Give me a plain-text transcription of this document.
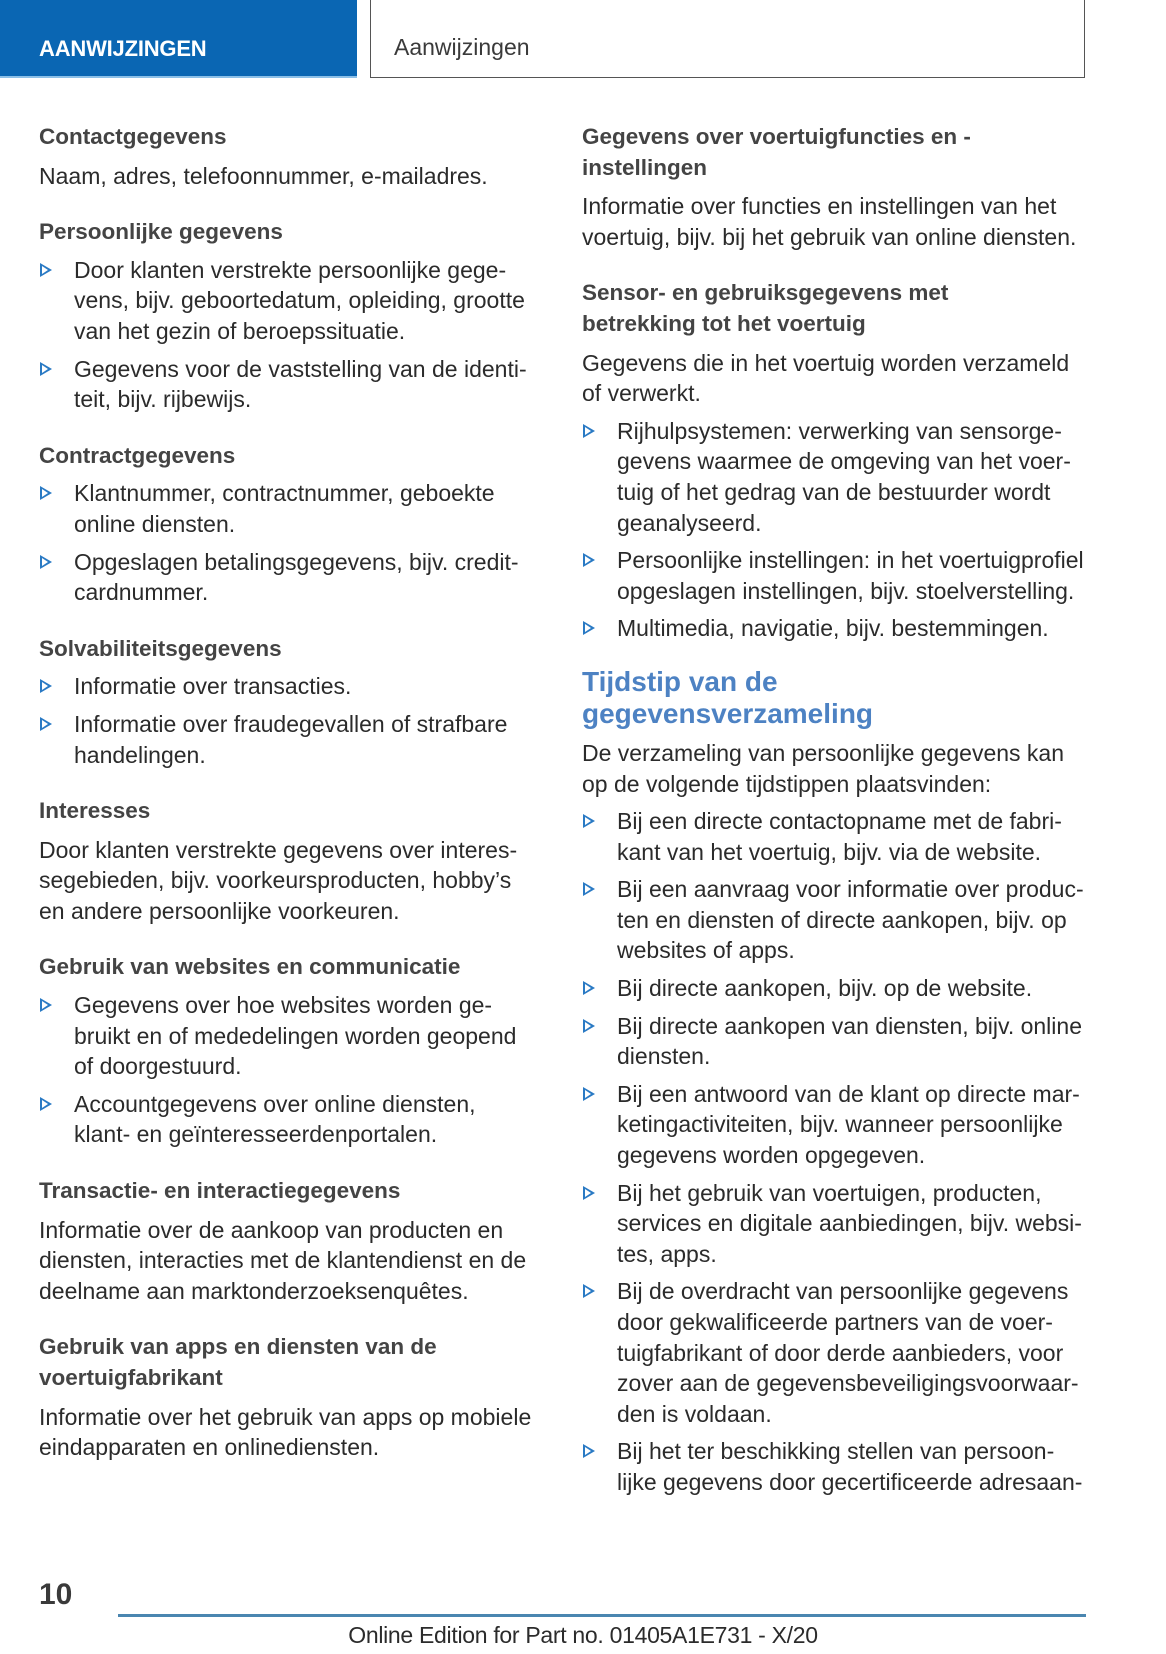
AANWIJZINGEN	Aanwijzingen
Contactgegevens
Naam, adres, telefoonnummer, e-mailadres.
Persoonlijke gegevens
Door klanten verstrekte persoonlijke gege-
vens, bijv. geboortedatum, opleiding, grootte
van het gezin of beroepssituatie.
Gegevens voor de vaststelling van de identi-
teit, bijv. rijbewijs.
Contractgegevens
Klantnummer, contractnummer, geboekte
online diensten.
Opgeslagen betalingsgegevens, bijv. credit-
cardnummer.
Solvabiliteitsgegevens
Informatie over transacties.
Informatie over fraudegevallen of strafbare
handelingen.
Interesses
Door klanten verstrekte gegevens over interes-
segebieden, bijv. voorkeursproducten, hobby’s
en andere persoonlijke voorkeuren.
Gebruik van websites en communicatie
Gegevens over hoe websites worden ge-
bruikt en of mededelingen worden geopend
of doorgestuurd.
Accountgegevens over online diensten,
klant- en geïnteresseerdenportalen.
Transactie- en interactiegegevens
Informatie over de aankoop van producten en
diensten, interacties met de klantendienst en de
deelname aan marktonderzoeksenquêtes.
Gebruik van apps en diensten van de
voertuigfabrikant
Informatie over het gebruik van apps op mobiele
eindapparaten en onlinediensten.
Gegevens over voertuigfuncties en -
instellingen
Informatie over functies en instellingen van het
voertuig, bijv. bij het gebruik van online diensten.
Sensor- en gebruiksgegevens met
betrekking tot het voertuig
Gegevens die in het voertuig worden verzameld
of verwerkt.
Rijhulpsystemen: verwerking van sensorge-
gevens waarmee de omgeving van het voer-
tuig of het gedrag van de bestuurder wordt
geanalyseerd.
Persoonlijke instellingen: in het voertuigprofiel
opgeslagen instellingen, bijv. stoelverstelling.
Multimedia, navigatie, bijv. bestemmingen.
Tijdstip van de
gegevensverzameling
De verzameling van persoonlijke gegevens kan
op de volgende tijdstippen plaatsvinden:
Bij een directe contactopname met de fabri-
kant van het voertuig, bijv. via de website.
Bij een aanvraag voor informatie over produc-
ten en diensten of directe aankopen, bijv. op
websites of apps.
Bij directe aankopen, bijv. op de website.
Bij directe aankopen van diensten, bijv. online
diensten.
Bij een antwoord van de klant op directe mar-
ketingactiviteiten, bijv. wanneer persoonlijke
gegevens worden opgegeven.
Bij het gebruik van voertuigen, producten,
services en digitale aanbiedingen, bijv. websi-
tes, apps.
Bij de overdracht van persoonlijke gegevens
door gekwalificeerde partners van de voer-
tuigfabrikant of door derde aanbieders, voor
zover aan de gegevensbeveiligingsvoorwaar-
den is voldaan.
Bij het ter beschikking stellen van persoon-
lijke gegevens door gecertificeerde adresaan-
10
Online Edition for Part no. 01405A1E731 - X/20
